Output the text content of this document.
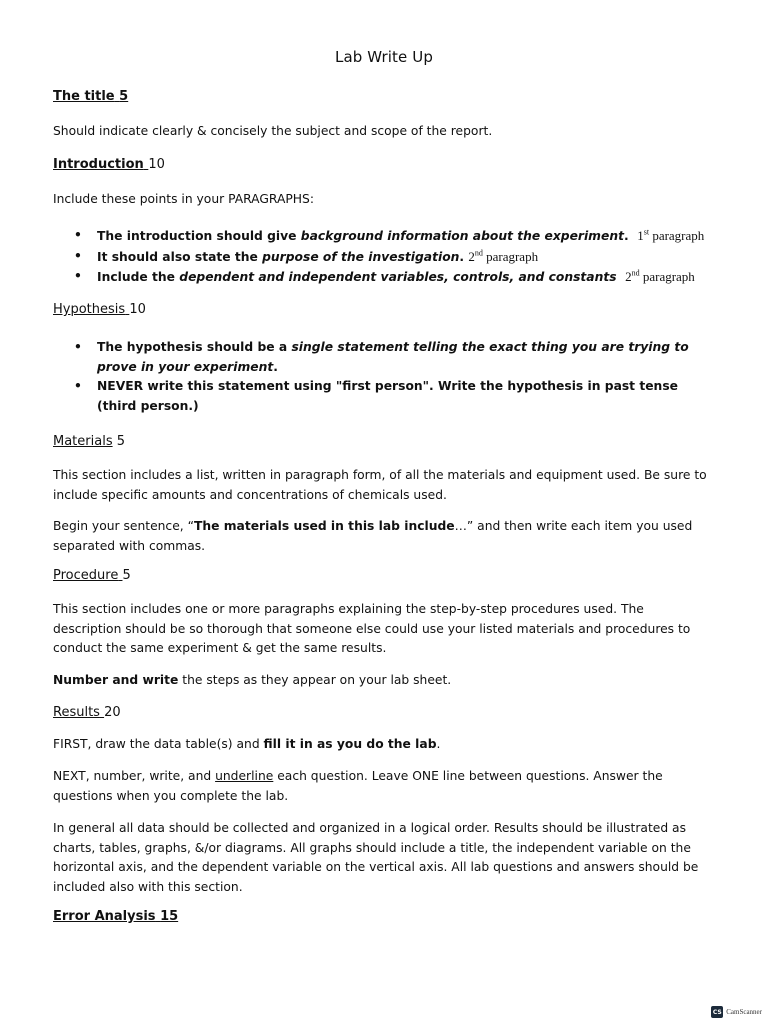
Lab Write Up
The title 5
Should indicate clearly & concisely the subject and scope of the report.
Introduction 10
Include these points in your PARAGRAPHS:
• The introduction should give background information about the experiment. 1st paragraph
• It should also state the purpose of the investigation. 2nd paragraph
• Include the dependent and independent variables, controls, and constants 2nd paragraph
Hypothesis 10
• The hypothesis should be a single statement telling the exact thing you are trying to prove in your experiment.
• NEVER write this statement using "first person". Write the hypothesis in past tense (third person.)
Materials 5
This section includes a list, written in paragraph form, of all the materials and equipment used. Be sure to include specific amounts and concentrations of chemicals used.
Begin your sentence, “The materials used in this lab include…” and then write each item you used separated with commas.
Procedure 5
This section includes one or more paragraphs explaining the step-by-step procedures used. The description should be so thorough that someone else could use your listed materials and procedures to conduct the same experiment & get the same results.
Number and write the steps as they appear on your lab sheet.
Results 20
FIRST, draw the data table(s) and fill it in as you do the lab.
NEXT, number, write, and underline each question. Leave ONE line between questions. Answer the questions when you complete the lab.
In general all data should be collected and organized in a logical order. Results should be illustrated as charts, tables, graphs, &/or diagrams. All graphs should include a title, the independent variable on the horizontal axis, and the dependent variable on the vertical axis. All lab questions and answers should be included also with this section.
Error Analysis 15
CS CamScanner
